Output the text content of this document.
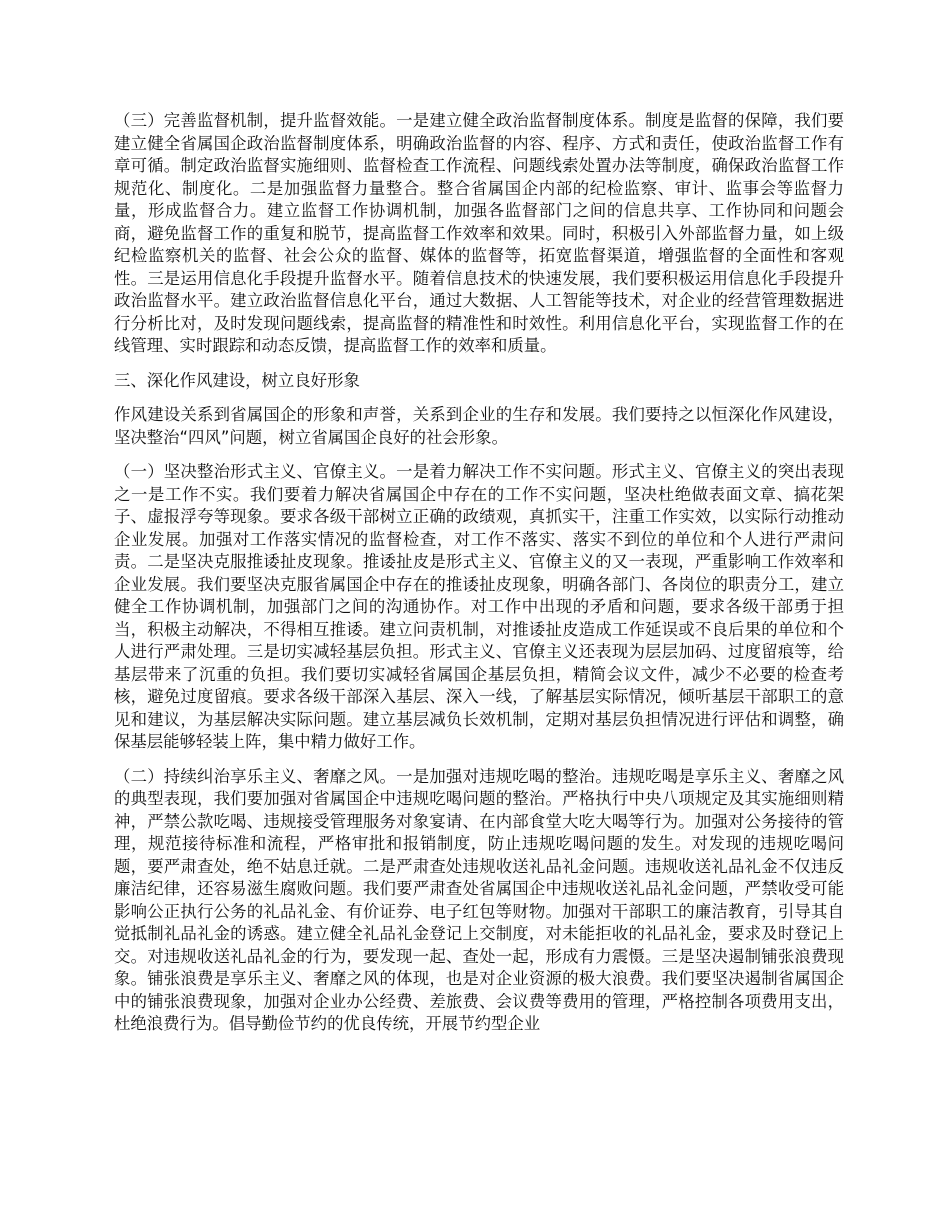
（三）完善监督机制，提升监督效能。一是建立健全政治监督制度体系。制度是监督的保障，我们要建立健全省属国企政治监督制度体系，明确政治监督的内容、程序、方式和责任，使政治监督工作有章可循。制定政治监督实施细则、监督检查工作流程、问题线索处置办法等制度，确保政治监督工作规范化、制度化。二是加强监督力量整合。整合省属国企内部的纪检监察、审计、监事会等监督力量，形成监督合力。建立监督工作协调机制，加强各监督部门之间的信息共享、工作协同和问题会商，避免监督工作的重复和脱节，提高监督工作效率和效果。同时，积极引入外部监督力量，如上级纪检监察机关的监督、社会公众的监督、媒体的监督等，拓宽监督渠道，增强监督的全面性和客观性。三是运用信息化手段提升监督水平。随着信息技术的快速发展，我们要积极运用信息化手段提升政治监督水平。建立政治监督信息化平台，通过大数据、人工智能等技术，对企业的经营管理数据进行分析比对，及时发现问题线索，提高监督的精准性和时效性。利用信息化平台，实现监督工作的在线管理、实时跟踪和动态反馈，提高监督工作的效率和质量。

三、深化作风建设，树立良好形象

作风建设关系到省属国企的形象和声誉，关系到企业的生存和发展。我们要持之以恒深化作风建设，坚决整治“四风”问题，树立省属国企良好的社会形象。

（一）坚决整治形式主义、官僚主义。一是着力解决工作不实问题。形式主义、官僚主义的突出表现之一是工作不实。我们要着力解决省属国企中存在的工作不实问题，坚决杜绝做表面文章、搞花架子、虚报浮夸等现象。要求各级干部树立正确的政绩观，真抓实干，注重工作实效，以实际行动推动企业发展。加强对工作落实情况的监督检查，对工作不落实、落实不到位的单位和个人进行严肃问责。二是坚决克服推诿扯皮现象。推诿扯皮是形式主义、官僚主义的又一表现，严重影响工作效率和企业发展。我们要坚决克服省属国企中存在的推诿扯皮现象，明确各部门、各岗位的职责分工，建立健全工作协调机制，加强部门之间的沟通协作。对工作中出现的矛盾和问题，要求各级干部勇于担当，积极主动解决，不得相互推诿。建立问责机制，对推诿扯皮造成工作延误或不良后果的单位和个人进行严肃处理。三是切实减轻基层负担。形式主义、官僚主义还表现为层层加码、过度留痕等，给基层带来了沉重的负担。我们要切实减轻省属国企基层负担，精简会议文件，减少不必要的检查考核，避免过度留痕。要求各级干部深入基层、深入一线，了解基层实际情况，倾听基层干部职工的意见和建议，为基层解决实际问题。建立基层减负长效机制，定期对基层负担情况进行评估和调整，确保基层能够轻装上阵，集中精力做好工作。

（二）持续纠治享乐主义、奢靡之风。一是加强对违规吃喝的整治。违规吃喝是享乐主义、奢靡之风的典型表现，我们要加强对省属国企中违规吃喝问题的整治。严格执行中央八项规定及其实施细则精神，严禁公款吃喝、违规接受管理服务对象宴请、在内部食堂大吃大喝等行为。加强对公务接待的管理，规范接待标准和流程，严格审批和报销制度，防止违规吃喝问题的发生。对发现的违规吃喝问题，要严肃查处，绝不姑息迁就。二是严肃查处违规收送礼品礼金问题。违规收送礼品礼金不仅违反廉洁纪律，还容易滋生腐败问题。我们要严肃查处省属国企中违规收送礼品礼金问题，严禁收受可能影响公正执行公务的礼品礼金、有价证券、电子红包等财物。加强对干部职工的廉洁教育，引导其自觉抵制礼品礼金的诱惑。建立健全礼品礼金登记上交制度，对未能拒收的礼品礼金，要求及时登记上交。对违规收送礼品礼金的行为，要发现一起、查处一起，形成有力震慑。三是坚决遏制铺张浪费现象。铺张浪费是享乐主义、奢靡之风的体现，也是对企业资源的极大浪费。我们要坚决遏制省属国企中的铺张浪费现象，加强对企业办公经费、差旅费、会议费等费用的管理，严格控制各项费用支出，杜绝浪费行为。倡导勤俭节约的优良传统，开展节约型企业
